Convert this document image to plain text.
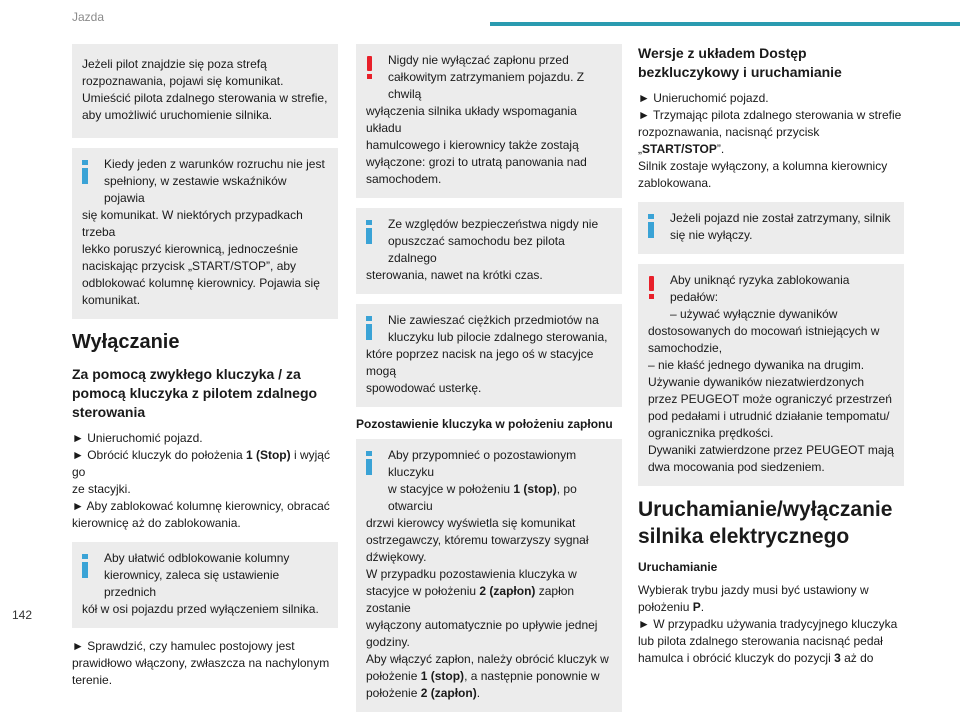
Jazda
Jeżeli pilot znajdzie się poza strefą
rozpoznawania, pojawi się komunikat.
Umieścić pilota zdalnego sterowania w strefie,
aby umożliwić uruchomienie silnika.
Kiedy jeden z warunków rozruchu nie jest
spełniony, w zestawie wskaźników pojawia
się komunikat. W niektórych przypadkach trzeba
lekko poruszyć kierownicą, jednocześnie
naciskając przycisk „START/STOP”, aby
odblokować kolumnę kierownicy. Pojawia się
komunikat.
Wyłączanie
Za pomocą zwykłego kluczyka / za
pomocą kluczyka z pilotem zdalnego
sterowania

► Unieruchomić pojazd.
► Obrócić kluczyk do położenia 1 (Stop) i wyjąć go
ze stacyjki.
► Aby zablokować kolumnę kierownicy, obracać
kierownicę aż do zablokowania.

Aby ułatwić odblokowanie kolumny
kierownicy, zaleca się ustawienie przednich
kół w osi pojazdu przed wyłączeniem silnika.

► Sprawdzić, czy hamulec postojowy jest
prawidłowo włączony, zwłaszcza na nachylonym
terenie.

Nigdy nie wyłączać zapłonu przed
całkowitym zatrzymaniem pojazdu. Z chwilą
wyłączenia silnika układy wspomagania układu
hamulcowego i kierownicy także zostają
wyłączone: grozi to utratą panowania nad
samochodem.
Ze względów bezpieczeństwa nigdy nie
opuszczać samochodu bez pilota zdalnego
sterowania, nawet na krótki czas.
Nie zawieszać ciężkich przedmiotów na
kluczyku lub pilocie zdalnego sterowania,
które poprzez nacisk na jego oś w stacyjce mogą
spowodować usterkę.
Pozostawienie kluczyka w położeniu zapłonu
Aby przypomnieć o pozostawionym kluczyku
w stacyjce w położeniu 1 (stop), po otwarciu
drzwi kierowcy wyświetla się komunikat
ostrzegawczy, któremu towarzyszy sygnał
dźwiękowy.
W przypadku pozostawienia kluczyka w
stacyjce w położeniu 2 (zapłon) zapłon zostanie
wyłączony automatycznie po upływie jednej
godziny.
Aby włączyć zapłon, należy obrócić kluczyk w
położenie 1 (stop), a następnie ponownie w
położenie 2 (zapłon).
Wersje z układem Dostęp
bezkluczykowy i uruchamianie

► Unieruchomić pojazd.
► Trzymając pilota zdalnego sterowania w strefie
rozpoznawania, nacisnąć przycisk „START/STOP”.
Silnik zostaje wyłączony, a kolumna kierownicy
zablokowana.

Jeżeli pojazd nie został zatrzymany, silnik
się nie wyłączy.
Aby uniknąć ryzyka zablokowania pedałów:
– używać wyłącznie dywaników
dostosowanych do mocowań istniejących w
samochodzie,
– nie kłaść jednego dywanika na drugim.
Używanie dywaników niezatwierdzonych
przez PEUGEOT może ograniczyć przestrzeń
pod pedałami i utrudnić działanie tempomatu/
ogranicznika prędkości.
Dywaniki zatwierdzone przez PEUGEOT mają
dwa mocowania pod siedzeniem.
Uruchamianie/wyłączanie
silnika elektrycznego
Uruchamianie

Wybierak trybu jazdy musi być ustawiony w
położeniu P.
► W przypadku używania tradycyjnego kluczyka
lub pilota zdalnego sterowania nacisnąć pedał
hamulca i obrócić kluczyk do pozycji 3 aż do

142
